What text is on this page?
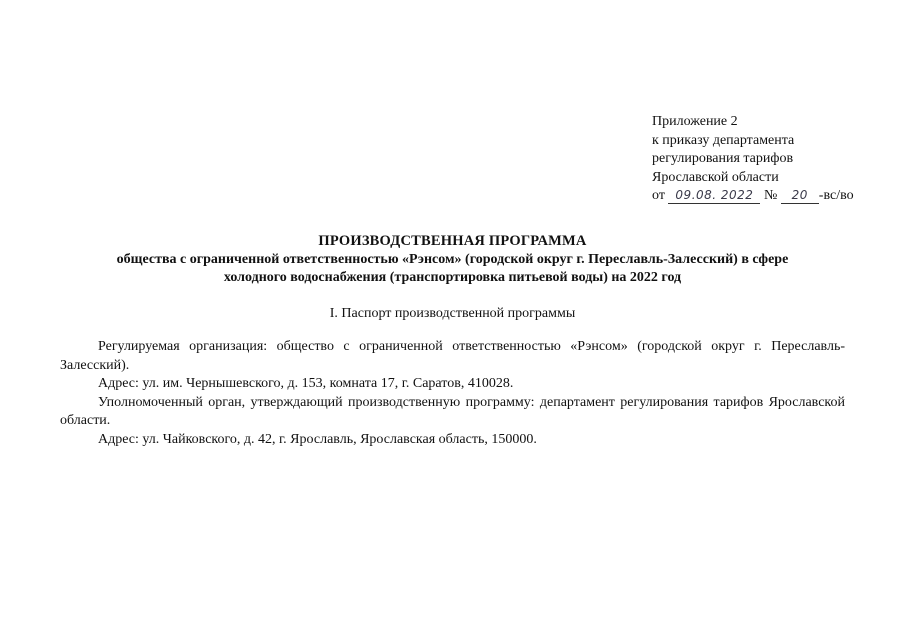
Приложение 2
к приказу департамента
регулирования тарифов
Ярославской области
от 09.08. 2022 № 20 -вс/во
ПРОИЗВОДСТВЕННАЯ ПРОГРАММА
общества с ограниченной ответственностью «Рэнсом» (городской округ г. Переславль-Залесский) в сфере
холодного водоснабжения (транспортировка питьевой воды) на 2022 год
I. Паспорт производственной программы

Регулируемая организация: общество с ограниченной ответственностью «Рэнсом» (городской округ г. Переславль-Залесский).

Адрес: ул. им. Чернышевского, д. 153, комната 17, г. Саратов, 410028.

Уполномоченный орган, утверждающий производственную программу: департамент регулирования тарифов Ярославской области.

Адрес: ул. Чайковского, д. 42, г. Ярославль, Ярославская область, 150000.
